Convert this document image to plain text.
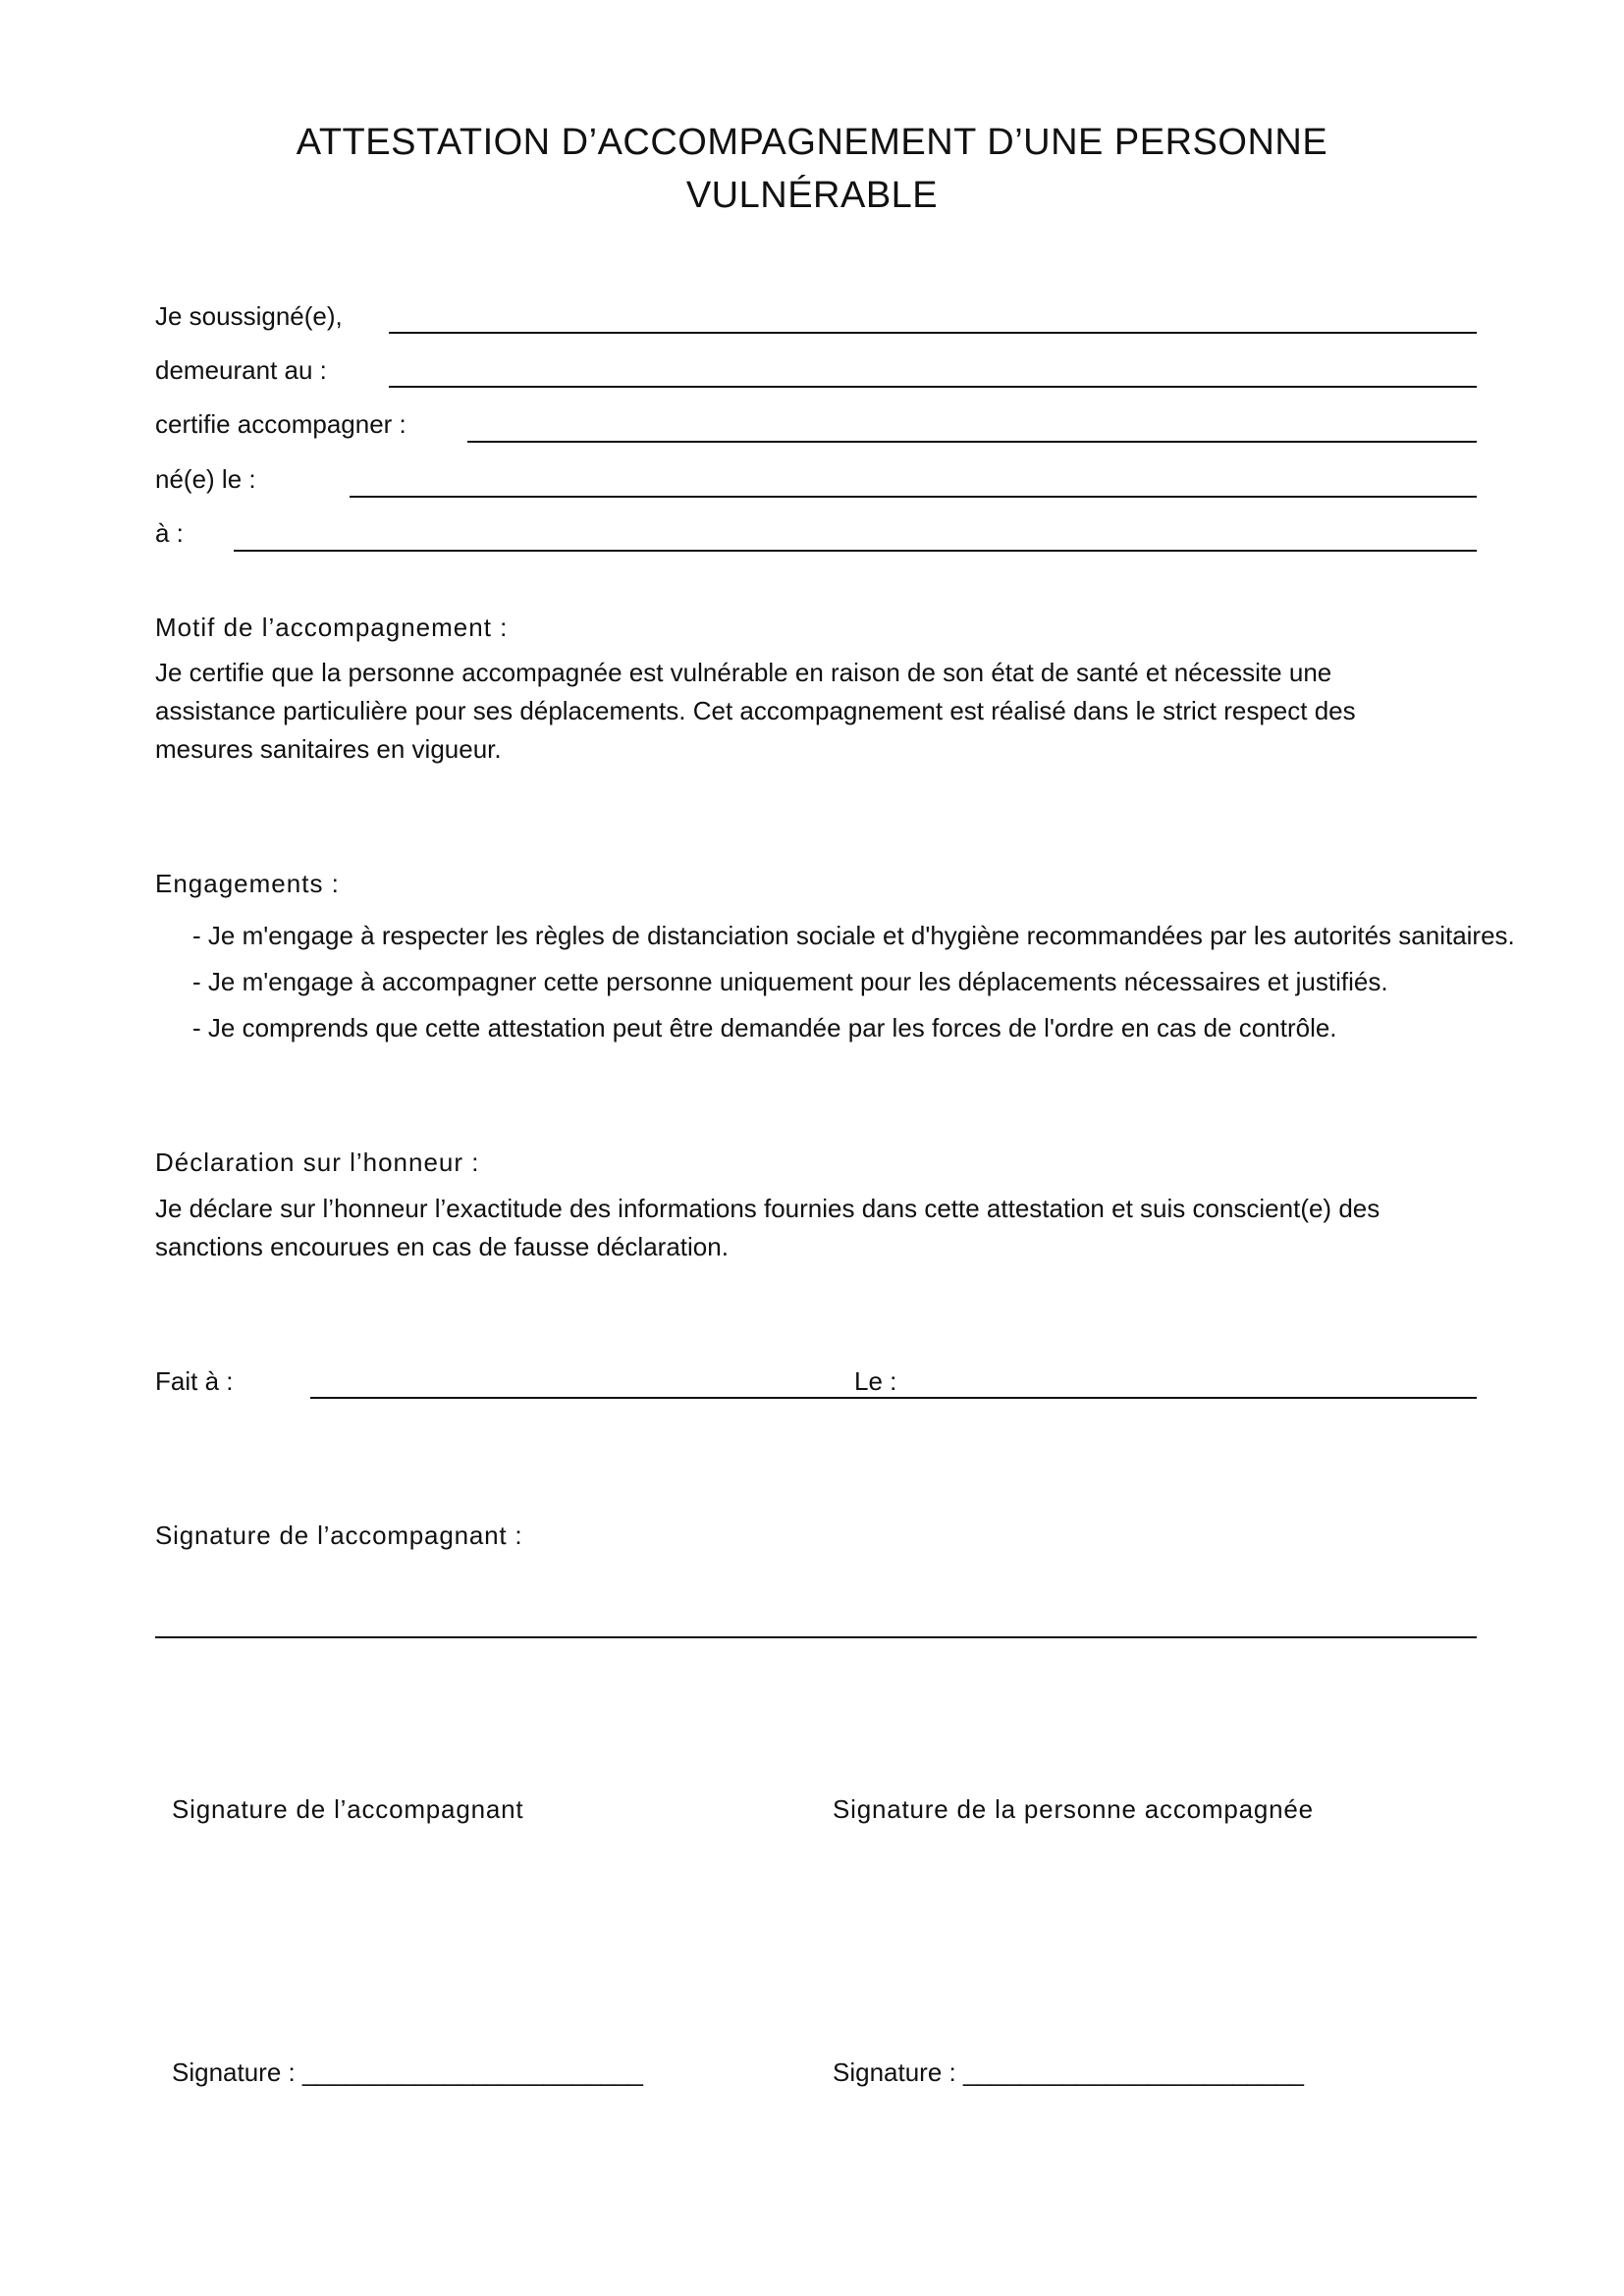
ATTESTATION D’ACCOMPAGNEMENT D’UNE PERSONNE
VULNÉRABLE
Je soussigné(e),
demeurant au :
certifie accompagner :
né(e) le :
à :
Motif de l’accompagnement :
Je certifie que la personne accompagnée est vulnérable en raison de son état de santé et nécessite une
assistance particulière pour ses déplacements. Cet accompagnement est réalisé dans le strict respect des
mesures sanitaires en vigueur.
Engagements :
- Je m'engage à respecter les règles de distanciation sociale et d'hygiène recommandées par les autorités sanitaires.
- Je m'engage à accompagner cette personne uniquement pour les déplacements nécessaires et justifiés.
- Je comprends que cette attestation peut être demandée par les forces de l'ordre en cas de contrôle.
Déclaration sur l’honneur :
Je déclare sur l’honneur l’exactitude des informations fournies dans cette attestation et suis conscient(e) des
sanctions encourues en cas de fausse déclaration.
Fait à :	Le :
Signature de l’accompagnant :
Signature de l’accompagnant	Signature de la personne accompagnée
Signature : ________________________	Signature : ________________________
